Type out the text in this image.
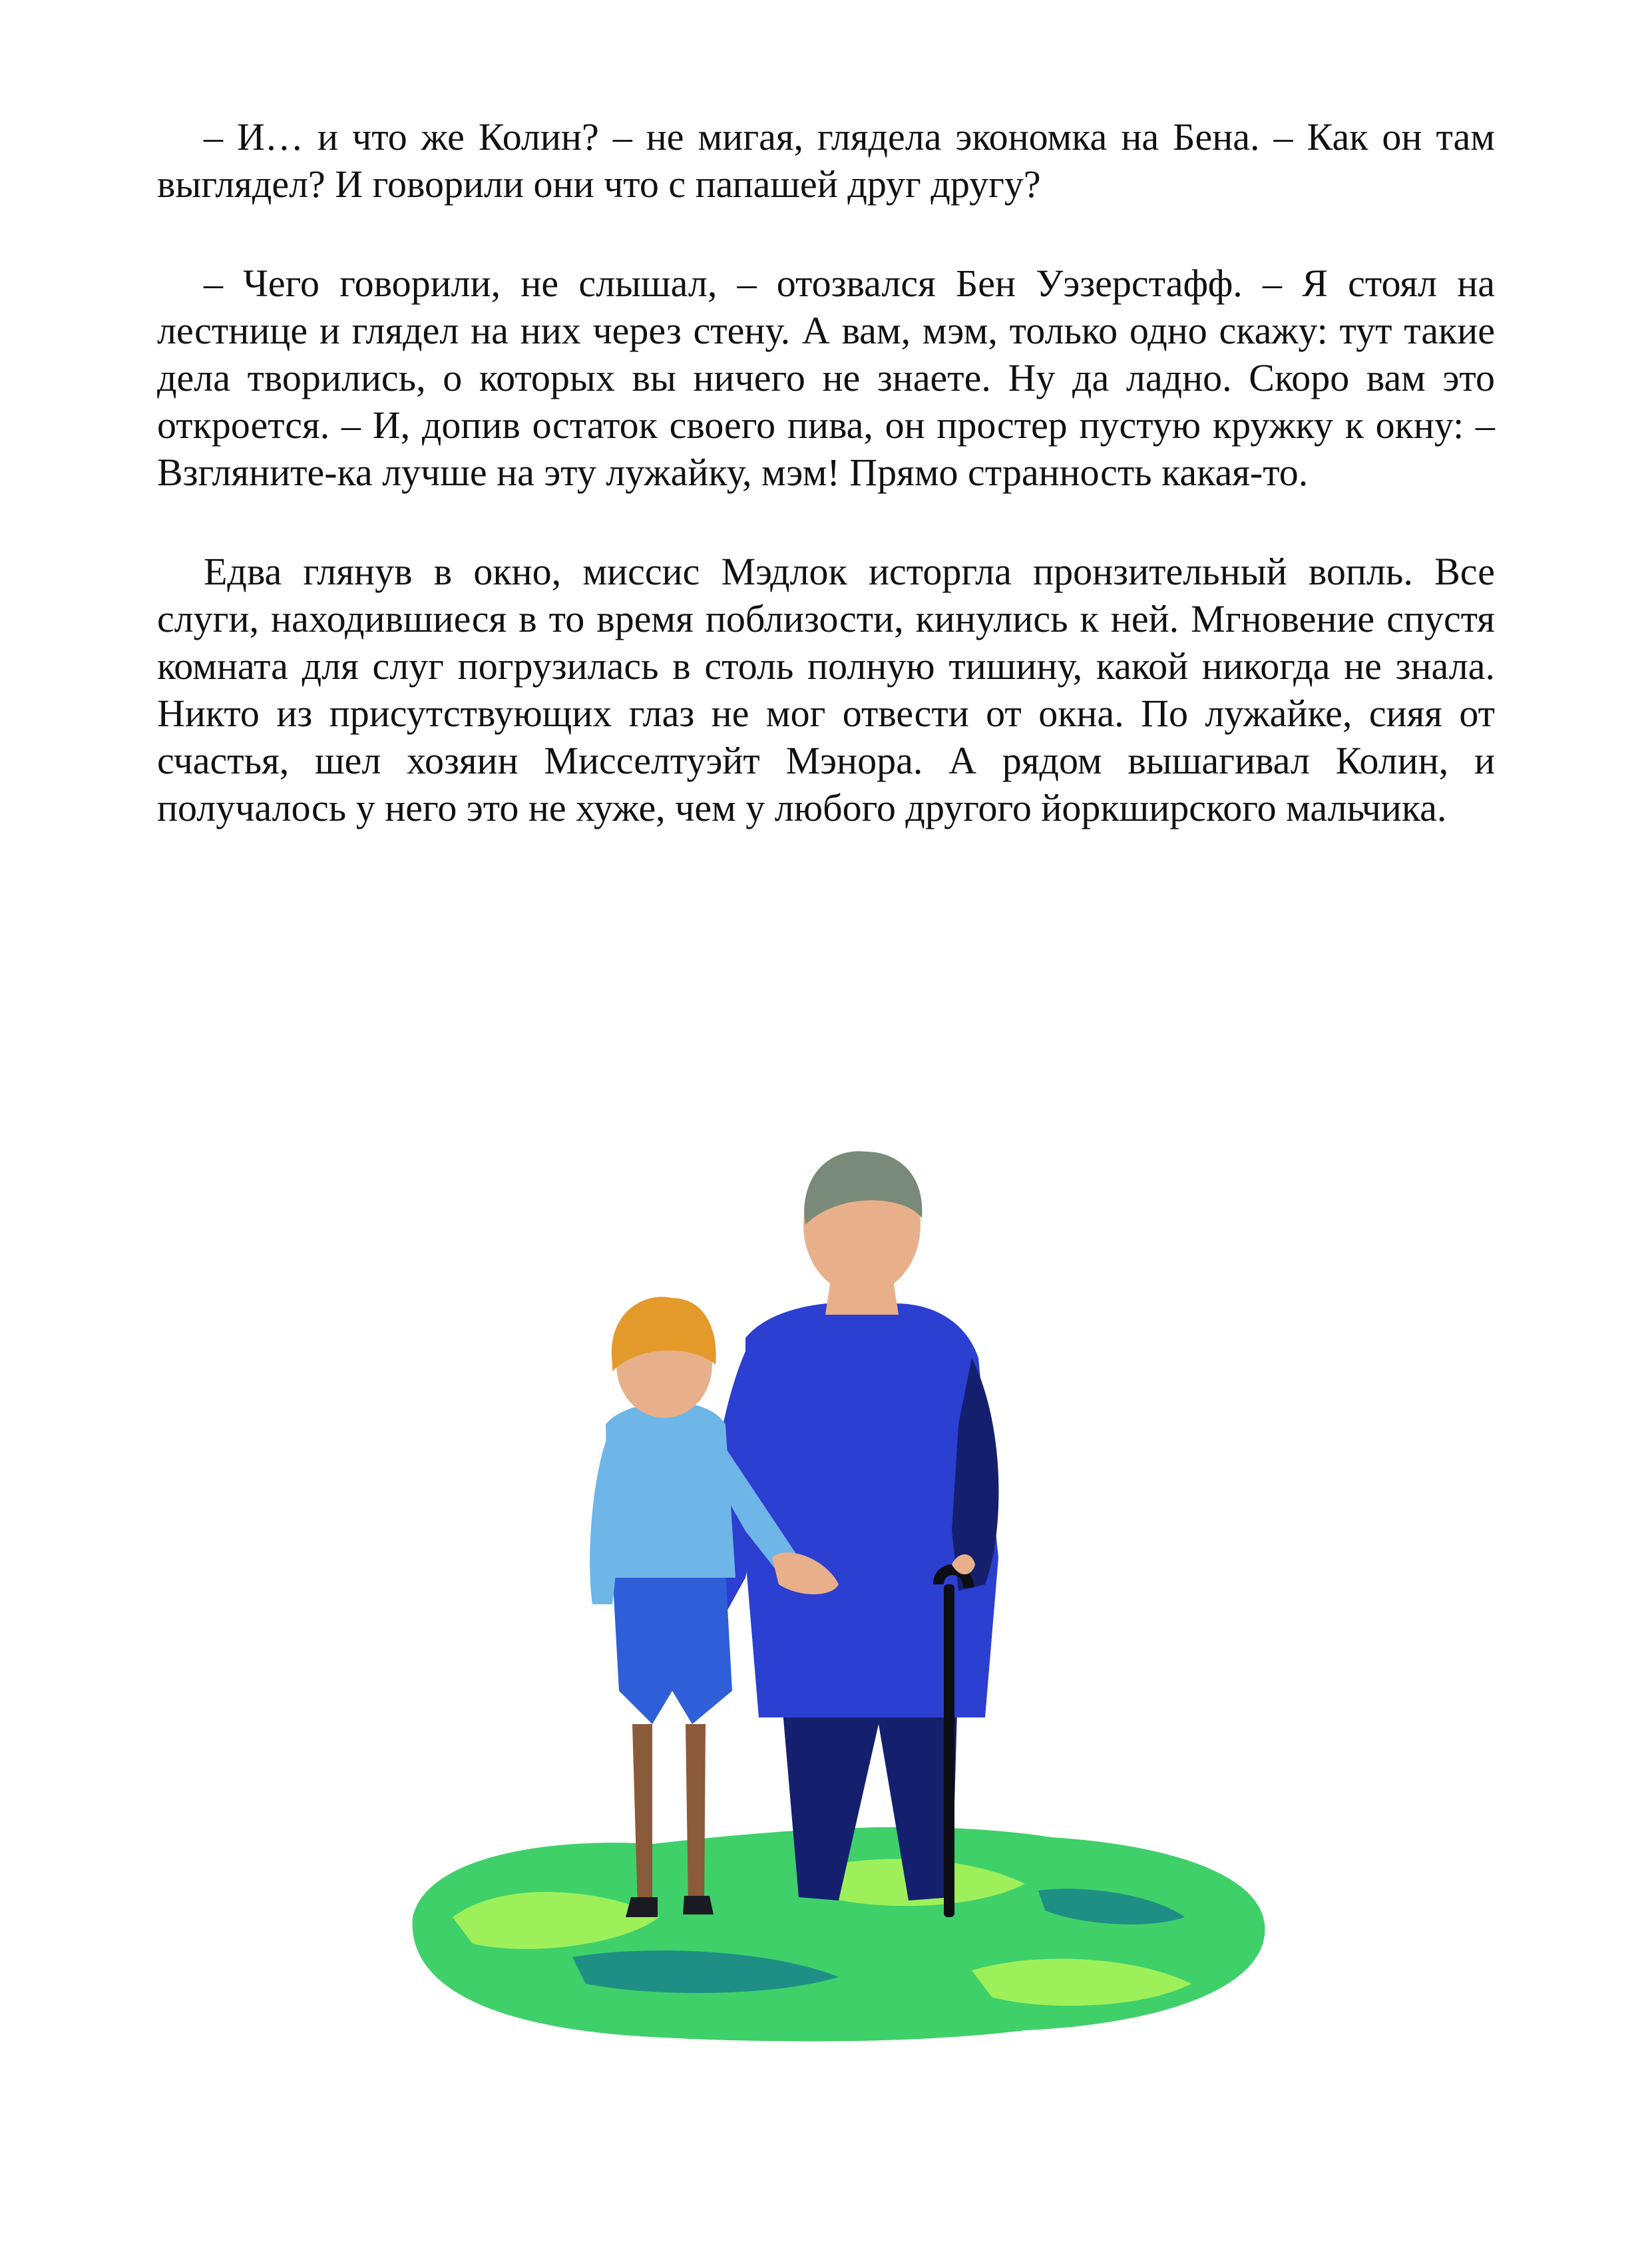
– И… и что же Колин? – не мигая, глядела экономка на Бена. – Как он там выглядел? И говорили они что с папашей друг другу?

– Чего говорили, не слышал, – отозвался Бен Уэзерстафф. – Я стоял на лестнице и глядел на них через стену. А вам, мэм, только одно скажу: тут такие дела творились, о которых вы ничего не знаете. Ну да ладно. Скоро вам это откроется. – И, допив остаток своего пива, он простер пустую кружку к окну: – Взгляните-ка лучше на эту лужайку, мэм! Прямо странность какая-то.

Едва глянув в окно, миссис Мэдлок исторгла пронзительный вопль. Все слуги, находившиеся в то время поблизости, кинулись к ней. Мгновение спустя комната для слуг погрузилась в столь полную тишину, какой никогда не знала. Никто из присутствующих глаз не мог отвести от окна. По лужайке, сияя от счастья, шел хозяин Мисселтуэйт Мэнора. А рядом вышагивал Колин, и получалось у него это не хуже, чем у любого другого йоркширского мальчика.
